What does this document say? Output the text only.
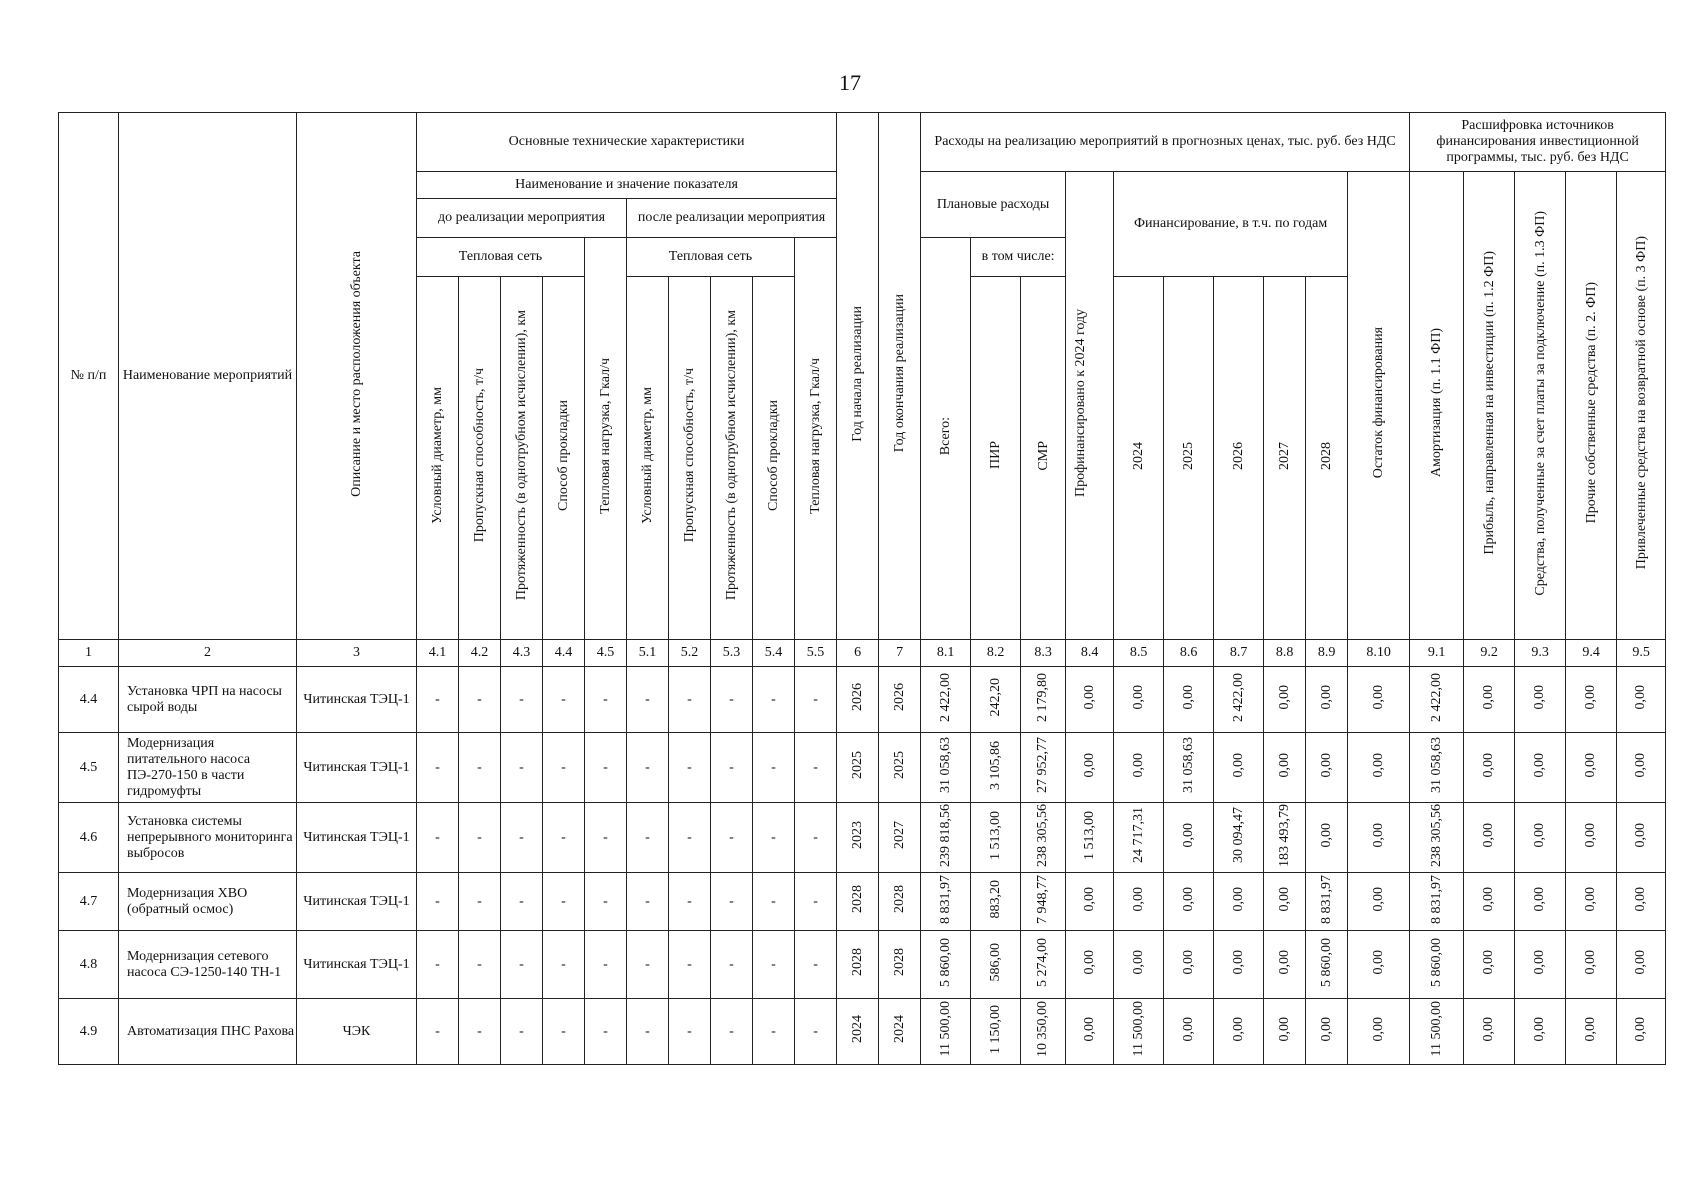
17
№ п/п	Наименование мероприятий	Описание и место расположения объекта	Основные технические характеристики										Год начала реализации	Год окончания реализации	Расходы на реализацию мероприятий в прогнозных ценах, тыс. руб. без НДС										Расшифровка источников финансирования инвестиционной программы, тыс. руб. без НДС				
			Наименование и значение показателя												Плановые расходы			Профинансировано к 2024 году	Финансирование, в т.ч. по годам					Остаток финансирования	Амортизация (п. 1.1 ФП)	Прибыль, направленная на инвестиции (п. 1.2 ФП)	Средства, полученные за счет платы за подключение (п. 1.3 ФП)	Прочие собственные средства (п. 2. ФП)	Привлеченные средства на возвратной основе (п. 3 ФП)
			до реализации мероприятия					после реализации мероприятия																					
			Тепловая сеть				Тепловая нагрузка, Гкал/ч	Тепловая сеть				Тепловая нагрузка, Гкал/ч			Всего:	в том числе:													
			Условный диаметр, мм	Пропускная способность, т/ч	Протяженность (в однотрубном исчислении), км	Способ прокладки		Условный диаметр, мм	Пропускная способность, т/ч	Протяженность (в однотрубном исчислении), км	Способ прокладки					ПИР	СМР		2024	2025	2026	2027	2028						
1	2	3	4.1	4.2	4.3	4.4	4.5	5.1	5.2	5.3	5.4	5.5	6	7	8.1	8.2	8.3	8.4	8.5	8.6	8.7	8.8	8.9	8.10	9.1	9.2	9.3	9.4	9.5
4.4	Установка ЧРП на насосы сырой воды	Читинская ТЭЦ-1	-	-	-	-	-	-	-	-	-	-	2026	2026	2 422,00	242,20	2 179,80	0,00	0,00	0,00	2 422,00	0,00	0,00	0,00	2 422,00	0,00	0,00	0,00	0,00
4.5	Модернизация питательного насоса ПЭ-270-150 в части гидромуфты	Читинская ТЭЦ-1	-	-	-	-	-	-	-	-	-	-	2025	2025	31 058,63	3 105,86	27 952,77	0,00	0,00	31 058,63	0,00	0,00	0,00	0,00	31 058,63	0,00	0,00	0,00	0,00
4.6	Установка системы непрерывного мониторинга выбросов	Читинская ТЭЦ-1	-	-	-	-	-	-	-	-	-	-	2023	2027	239 818,56	1 513,00	238 305,56	1 513,00	24 717,31	0,00	30 094,47	183 493,79	0,00	0,00	238 305,56	0,00	0,00	0,00	0,00
4.7	Модернизация ХВО (обратный осмос)	Читинская ТЭЦ-1	-	-	-	-	-	-	-	-	-	-	2028	2028	8 831,97	883,20	7 948,77	0,00	0,00	0,00	0,00	0,00	8 831,97	0,00	8 831,97	0,00	0,00	0,00	0,00
4.8	Модернизация сетевого насоса СЭ-1250-140 ТН-1	Читинская ТЭЦ-1	-	-	-	-	-	-	-	-	-	-	2028	2028	5 860,00	586,00	5 274,00	0,00	0,00	0,00	0,00	0,00	5 860,00	0,00	5 860,00	0,00	0,00	0,00	0,00
4.9	Автоматизация ПНС Рахова	ЧЭК	-	-	-	-	-	-	-	-	-	-	2024	2024	11 500,00	1 150,00	10 350,00	0,00	11 500,00	0,00	0,00	0,00	0,00	0,00	11 500,00	0,00	0,00	0,00	0,00
